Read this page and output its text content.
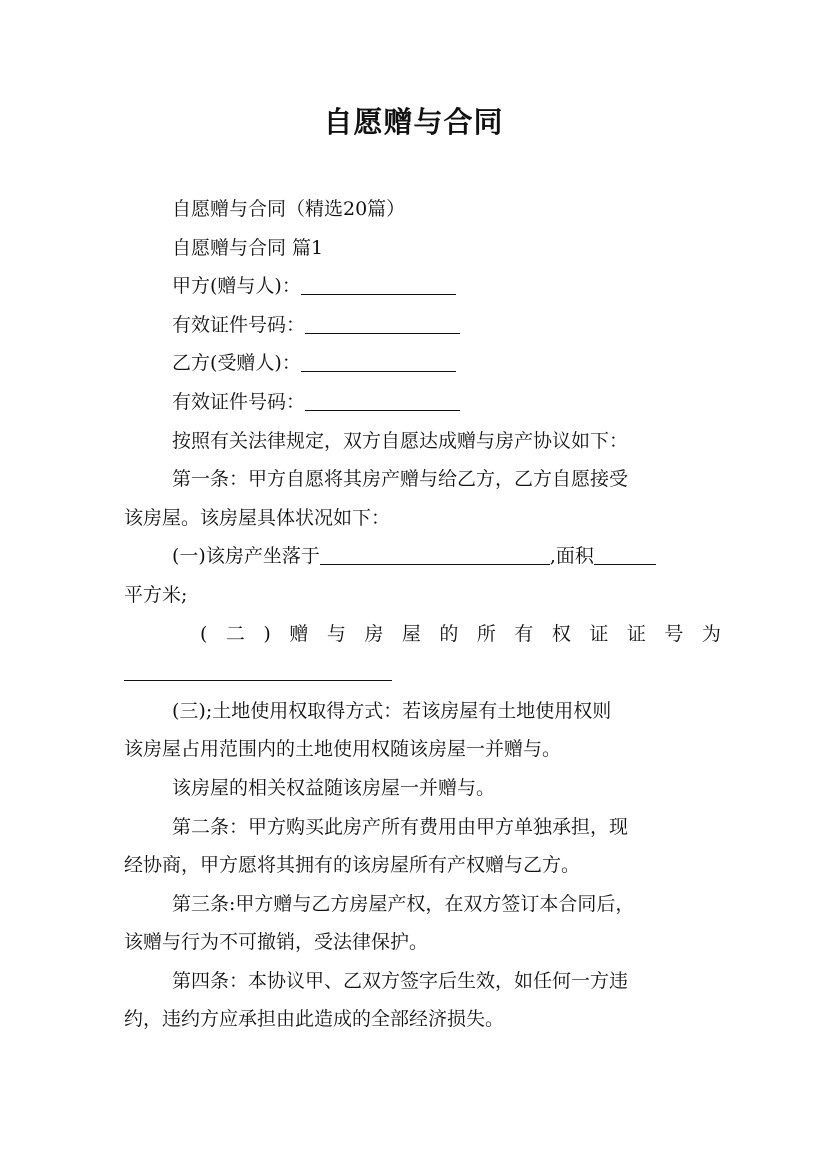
自愿赠与合同

自愿赠与合同（精选20篇）

自愿赠与合同 篇1

甲方(赠与人)：

有效证件号码：

乙方(受赠人)：

有效证件号码：

按照有关法律规定，双方自愿达成赠与房产协议如下：

第一条：甲方自愿将其房产赠与给乙方，乙方自愿接受

该房屋。该房屋具体状况如下：

(一)该房产坐落于	,面积

平方米;

(二)赠与房屋的所有权证证号为

(三);土地使用权取得方式：若该房屋有土地使用权则

该房屋占用范围内的土地使用权随该房屋一并赠与。

该房屋的相关权益随该房屋一并赠与。

第二条：甲方购买此房产所有费用由甲方单独承担，现

经协商，甲方愿将其拥有的该房屋所有产权赠与乙方。

第三条:甲方赠与乙方房屋产权，在双方签订本合同后，

该赠与行为不可撤销，受法律保护。

第四条：本协议甲、乙双方签字后生效，如任何一方违

约，违约方应承担由此造成的全部经济损失。
